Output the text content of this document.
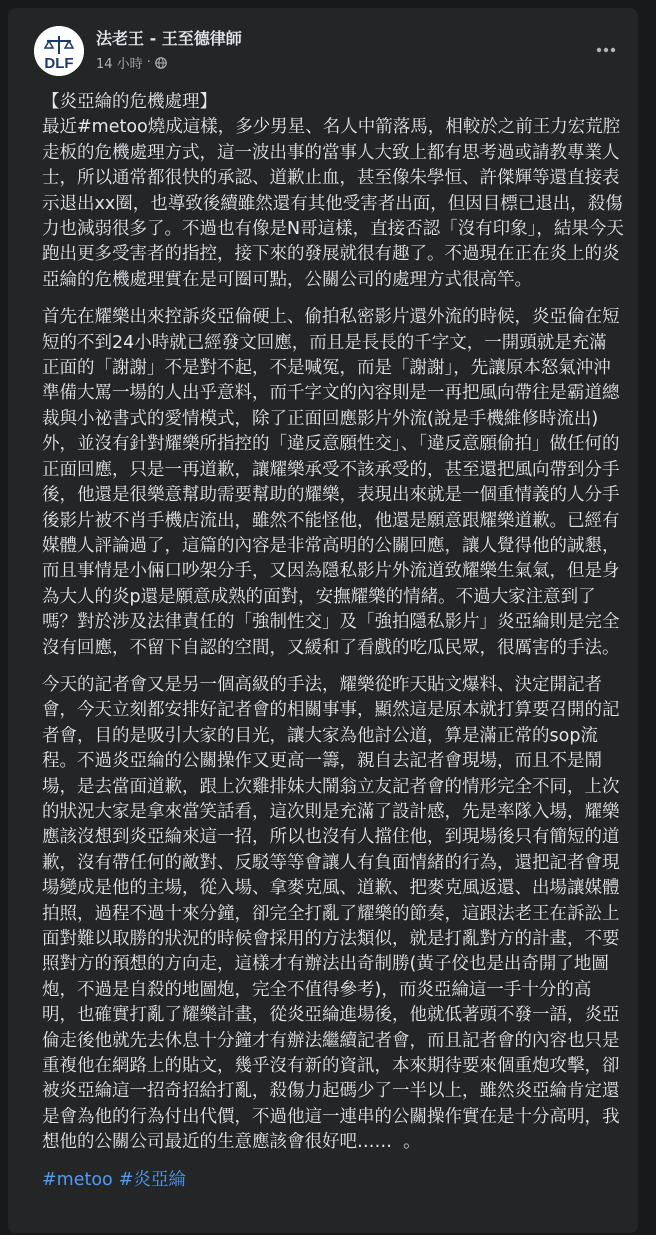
DLF
法老王 - 王至德律師
14 小時 ·
【炎亞綸的危機處理】
最近#metoo燒成這樣，多少男星、名人中箭落馬，相較於之前王力宏荒腔走板的危機處理方式，這一波出事的當事人大致上都有思考過或請教專業人士，所以通常都很快的承認、道歉止血，甚至像朱學恒、許傑輝等還直接表示退出xx圈，也導致後續雖然還有其他受害者出面，但因目標已退出，殺傷力也減弱很多了。不過也有像是N哥這樣，直接否認「沒有印象」，結果今天跑出更多受害者的指控，接下來的發展就很有趣了。不過現在正在炎上的炎亞綸的危機處理實在是可圈可點，公關公司的處理方式很高竿。
首先在耀樂出來控訴炎亞倫硬上、偷拍私密影片還外流的時候，炎亞倫在短短的不到24小時就已經發文回應，而且是長長的千字文，一開頭就是充滿正面的「謝謝」不是對不起，不是喊冤，而是「謝謝」，先讓原本怒氣沖沖準備大罵一場的人出乎意料，而千字文的內容則是一再把風向帶往是霸道總裁與小祕書式的愛情模式，除了正面回應影片外流(說是手機維修時流出)外，並沒有針對耀樂所指控的「違反意願性交」、「違反意願偷拍」做任何的正面回應，只是一再道歉，讓耀樂承受不該承受的，甚至還把風向帶到分手後，他還是很樂意幫助需要幫助的耀樂，表現出來就是一個重情義的人分手後影片被不肖手機店流出，雖然不能怪他，他還是願意跟耀樂道歉。已經有媒體人評論過了，這篇的內容是非常高明的公關回應，讓人覺得他的誠懇，而且事情是小倆口吵架分手，又因為隱私影片外流道致耀樂生氣氣，但是身為大人的炎p還是願意成熟的面對，安撫耀樂的情緒。不過大家注意到了嗎？對於涉及法律責任的「強制性交」及「強拍隱私影片」炎亞綸則是完全沒有回應，不留下自認的空間，又緩和了看戲的吃瓜民眾，很厲害的手法。
今天的記者會又是另一個高級的手法，耀樂從昨天貼文爆料、決定開記者會，今天立刻都安排好記者會的相關事事，顯然這是原本就打算要召開的記者會，目的是吸引大家的目光，讓大家為他討公道，算是滿正常的sop流程。不過炎亞綸的公關操作又更高一籌，親自去記者會現場，而且不是鬧場，是去當面道歉，跟上次雞排妹大鬧翁立友記者會的情形完全不同，上次的狀況大家是拿來當笑話看，這次則是充滿了設計感，先是率隊入場，耀樂應該沒想到炎亞綸來這一招，所以也沒有人擋住他，到現場後只有簡短的道歉，沒有帶任何的敵對、反駁等等會讓人有負面情緒的行為，還把記者會現場變成是他的主場，從入場、拿麥克風、道歉、把麥克風返還、出場讓媒體拍照，過程不過十來分鐘，卻完全打亂了耀樂的節奏，這跟法老王在訴訟上面對難以取勝的狀況的時候會採用的方法類似，就是打亂對方的計畫，不要照對方的預想的方向走，這樣才有辦法出奇制勝(黃子佼也是出奇開了地圖炮，不過是自殺的地圖炮，完全不值得參考)，而炎亞綸這一手十分的高明，也確實打亂了耀樂計畫，從炎亞綸進場後，他就低著頭不發一語，炎亞倫走後他就先去休息十分鐘才有辦法繼續記者會，而且記者會的內容也只是重複他在網路上的貼文，幾乎沒有新的資訊，本來期待要來個重炮攻擊，卻被炎亞綸這一招奇招給打亂，殺傷力起碼少了一半以上，雖然炎亞綸肯定還是會為他的行為付出代價，不過他這一連串的公關操作實在是十分高明，我想他的公關公司最近的生意應該會很好吧……  。
#metoo #炎亞綸
